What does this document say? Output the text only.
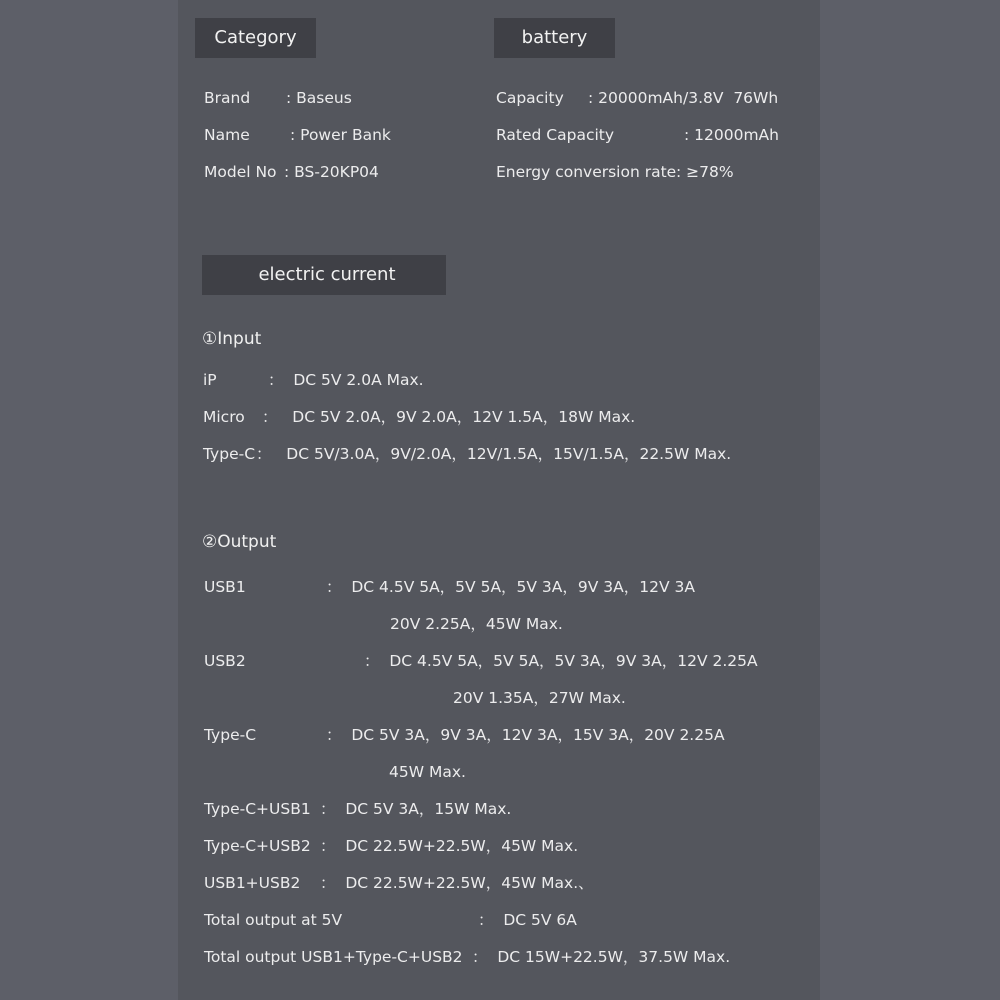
Category	battery
electric current
Brand : Baseus
Name	: Power Bank
Model No : BS-20KP04
Capacity : 20000mAh/3.8V  76Wh
Rated Capacity	: 12000mAh
Energy conversion rate : ≥78%
①Input
iP	：  DC 5V 2.0A Max.
Micro ：   DC 5V 2.0A，9V 2.0A，12V 1.5A，18W Max.
Type-C ：   DC 5V/3.0A，9V/2.0A，12V/1.5A，15V/1.5A，22.5W Max.
②Output
USB1	：  DC 4.5V 5A，5V 5A，5V 3A，9V 3A，12V 3A
20V 2.25A，45W Max.
USB2	：  DC 4.5V 5A，5V 5A，5V 3A，9V 3A，12V 2.25A
20V 1.35A，27W Max.
Type-C	：  DC 5V 3A，9V 3A，12V 3A，15V 3A，20V 2.25A
45W Max.
Type-C+USB1 ：  DC 5V 3A，15W Max.
Type-C+USB2 ：  DC 22.5W+22.5W，45W Max.
USB1+USB2 ：  DC 22.5W+22.5W，45W Max.、
Total output at 5V	：  DC 5V 6A
Total output USB1+Type-C+USB2 ：  DC 15W+22.5W，37.5W Max.
